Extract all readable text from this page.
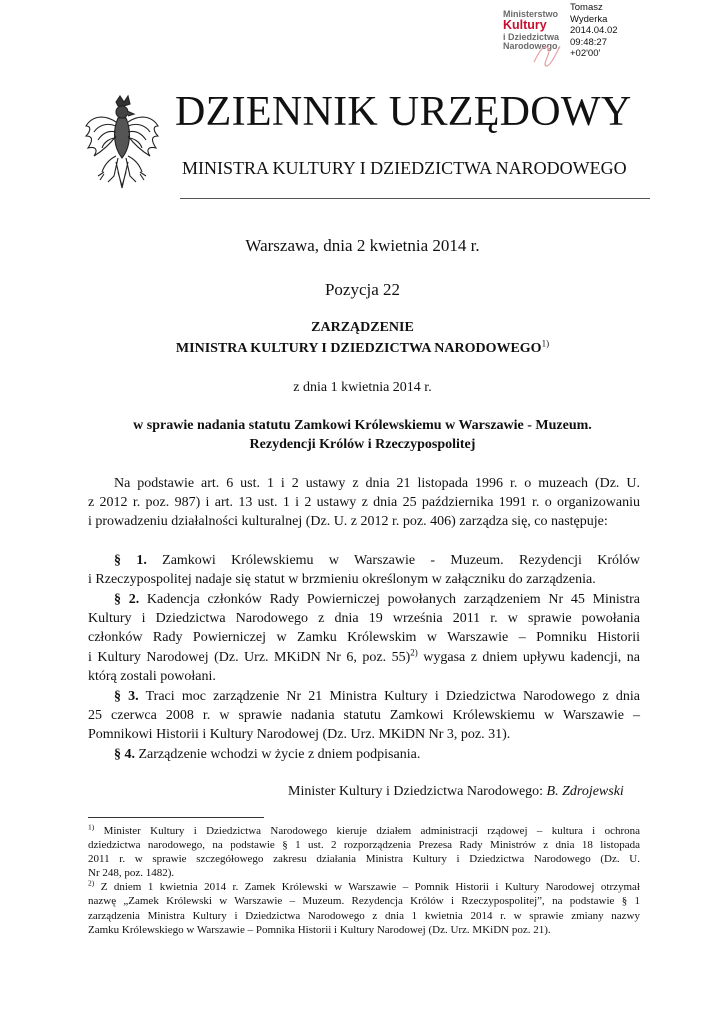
Ministerstwo
Kultury
i Dziedzictwa
Narodowego.
Tomasz
Wyderka
2014.04.02
09:48:27
+02'00'
DZIENNIK URZĘDOWY
MINISTRA KULTURY I DZIEDZICTWA NARODOWEGO
Warszawa, dnia 2 kwietnia 2014 r.
Pozycja 22
ZARZĄDZENIE
MINISTRA KULTURY I DZIEDZICTWA NARODOWEGO$^{1)}$
z dnia 1 kwietnia 2014 r.
w sprawie nadania statutu Zamkowi Królewskiemu w Warszawie - Muzeum.
Rezydencji Królów i Rzeczypospolitej
Na podstawie art. 6 ust. 1 i 2 ustawy z dnia 21 listopada 1996 r. o muzeach (Dz. U.
z 2012 r. poz. 987) i art. 13 ust. 1 i 2 ustawy z dnia 25 października 1991 r. o organizowaniu
i prowadzeniu działalności kulturalnej (Dz. U. z 2012 r. poz. 406) zarządza się, co następuje:
§ 1. Zamkowi Królewskiemu w Warszawie - Muzeum. Rezydencji Królów
i Rzeczypospolitej nadaje się statut w brzmieniu określonym w załączniku do zarządzenia.
§ 2. Kadencja członków Rady Powierniczej powołanych zarządzeniem Nr 45 Ministra
Kultury i Dziedzictwa Narodowego z dnia 19 września 2011 r. w sprawie powołania
członków Rady Powierniczej w Zamku Królewskim w Warszawie – Pomniku Historii
i Kultury Narodowej (Dz. Urz. MKiDN Nr 6, poz. 55)$^{2)}$ wygasa z dniem upływu kadencji, na
którą zostali powołani.
§ 3. Traci moc zarządzenie Nr 21 Ministra Kultury i Dziedzictwa Narodowego z dnia
25 czerwca 2008 r. w sprawie nadania statutu Zamkowi Królewskiemu w Warszawie –
Pomnikowi Historii i Kultury Narodowej (Dz. Urz. MKiDN Nr 3, poz. 31).
§ 4. Zarządzenie wchodzi w życie z dniem podpisania.
Minister Kultury i Dziedzictwa Narodowego: B. Zdrojewski
$^{1)}$ Minister Kultury i Dziedzictwa Narodowego kieruje działem administracji rządowej – kultura i ochrona
dziedzictwa narodowego, na podstawie § 1 ust. 2 rozporządzenia Prezesa Rady Ministrów z dnia 18 listopada
2011 r. w sprawie szczegółowego zakresu działania Ministra Kultury i Dziedzictwa Narodowego (Dz. U.
Nr 248, poz. 1482).
$^{2)}$ Z dniem 1 kwietnia 2014 r. Zamek Królewski w Warszawie – Pomnik Historii i Kultury Narodowej otrzymał
nazwę „Zamek Królewski w Warszawie – Muzeum. Rezydencja Królów i Rzeczypospolitej”, na podstawie § 1
zarządzenia Ministra Kultury i Dziedzictwa Narodowego z dnia 1 kwietnia 2014 r. w sprawie zmiany nazwy
Zamku Królewskiego w Warszawie – Pomnika Historii i Kultury Narodowej (Dz. Urz. MKiDN poz. 21).
